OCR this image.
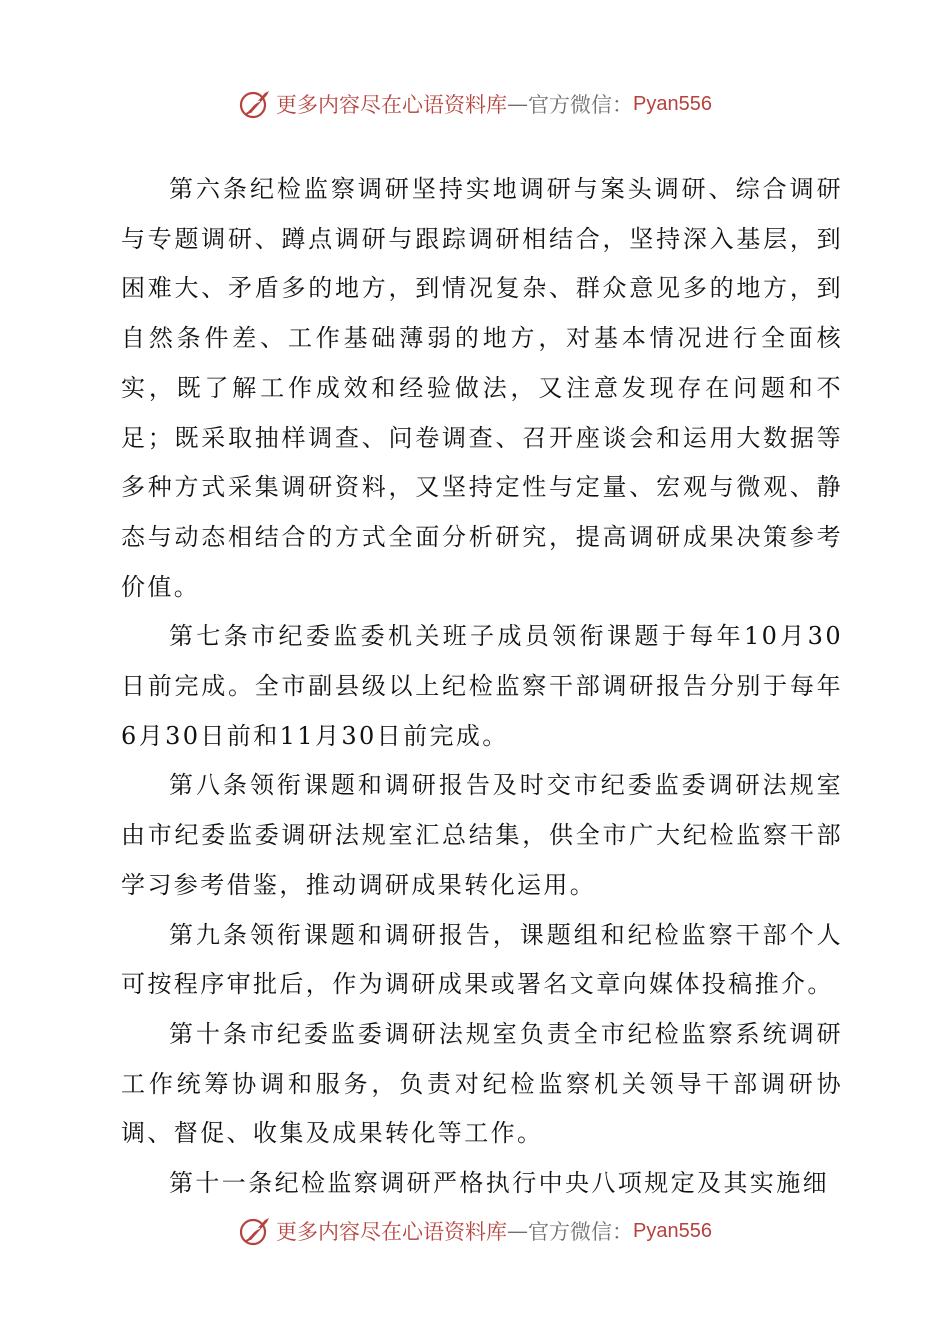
更多内容尽在心语资料库 — 官方微信： Pyan556

第六条纪检监察调研坚持实地调研与案头调研、综合调研与专题调研、蹲点调研与跟踪调研相结合，坚持深入基层，到困难大、矛盾多的地方，到情况复杂、群众意见多的地方，到自然条件差、工作基础薄弱的地方，对基本情况进行全面核实，既了解工作成效和经验做法，又注意发现存在问题和不足；既采取抽样调查、问卷调查、召开座谈会和运用大数据等多种方式采集调研资料，又坚持定性与定量、宏观与微观、静态与动态相结合的方式全面分析研究，提高调研成果决策参考价值。

第七条市纪委监委机关班子成员领衔课题于每年10月30日前完成。全市副县级以上纪检监察干部调研报告分别于每年6月30日前和11月30日前完成。

第八条领衔课题和调研报告及时交市纪委监委调研法规室由市纪委监委调研法规室汇总结集，供全市广大纪检监察干部学习参考借鉴，推动调研成果转化运用。

第九条领衔课题和调研报告，课题组和纪检监察干部个人可按程序审批后，作为调研成果或署名文章向媒体投稿推介。

第十条市纪委监委调研法规室负责全市纪检监察系统调研工作统筹协调和服务，负责对纪检监察机关领导干部调研协调、督促、收集及成果转化等工作。

第十一条纪检监察调研严格执行中央八项规定及其实施细

更多内容尽在心语资料库 — 官方微信： Pyan556
